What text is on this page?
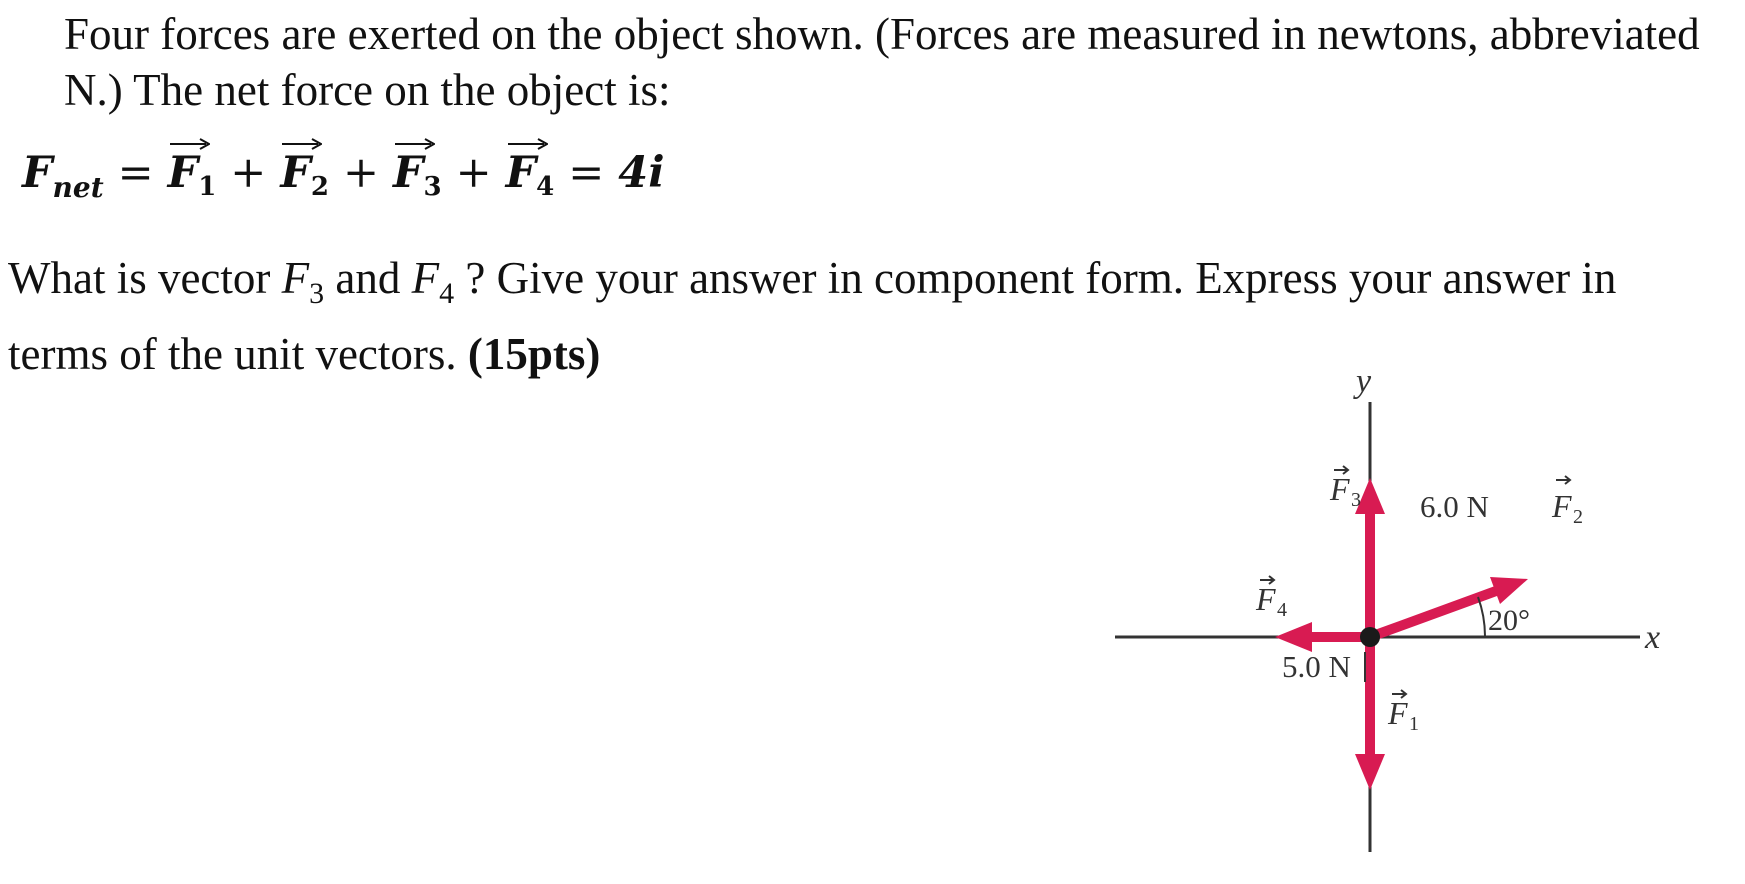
Four forces are exerted on the object shown. (Forces are measured in newtons, abbreviated N.) The net force on the object is:

$F_{net} = F_1 + F_2 + F_3 + F_4 = 4i$

What is vector $F_3$ and $F_4$ ? Give your answer in component form. Express your answer in terms of the unit vectors. (15pts)

y
x
20°
F 3	F 2
6.0 N
F 4
5.0 N
F 1
